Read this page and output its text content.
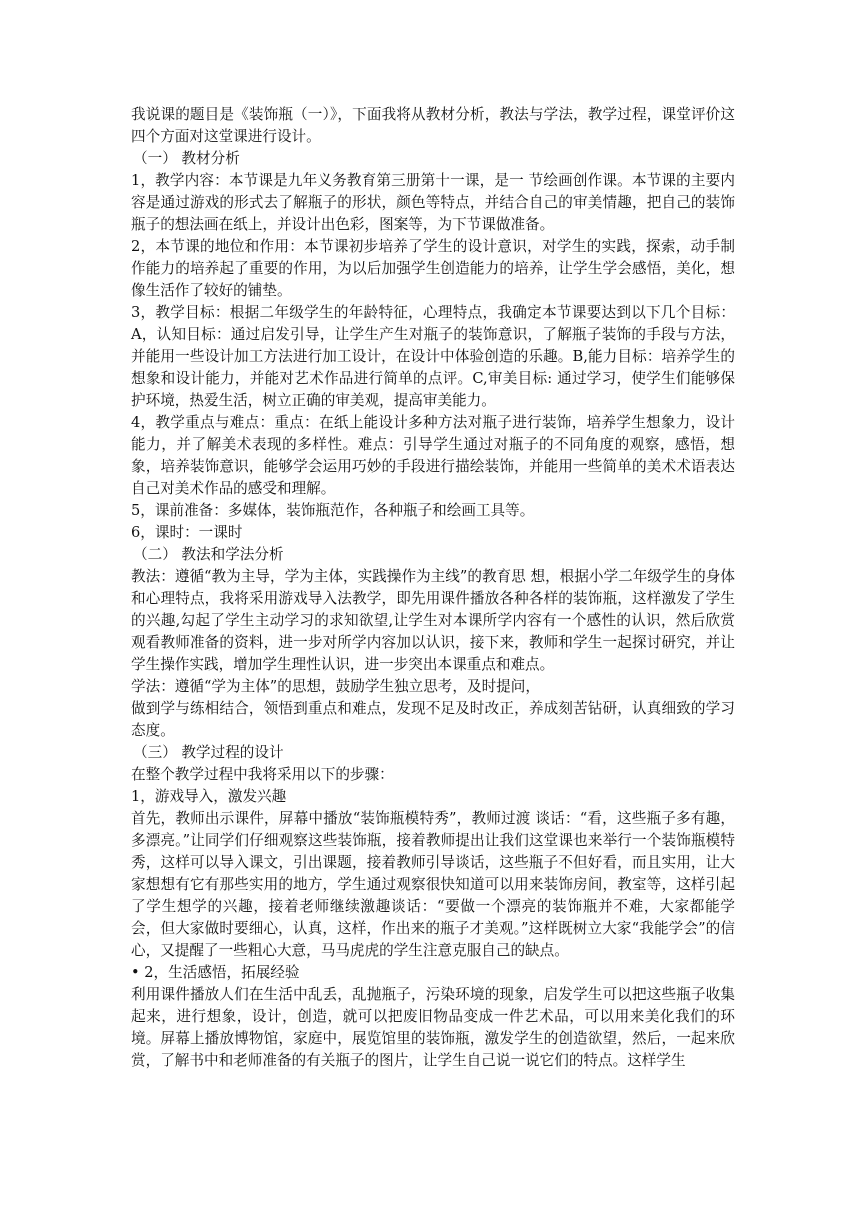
我说课的题目是《装饰瓶（一）》，下面我将从教材分析，教法与学法，教学过程，课堂评价这四个方面对这堂课进行设计。

（一） 教材分析

1，教学内容：本节课是九年义务教育第三册第十一课，是一 节绘画创作课。本节课的主要内容是通过游戏的形式去了解瓶子的形状，颜色等特点，并结合自己的审美情趣，把自己的装饰瓶子的想法画在纸上，并设计出色彩，图案等，为下节课做准备。

2，本节课的地位和作用：本节课初步培养了学生的设计意识，对学生的实践，探索，动手制作能力的培养起了重要的作用，为以后加强学生创造能力的培养，让学生学会感悟，美化，想像生活作了较好的铺垫。

3，教学目标：根据二年级学生的年龄特征，心理特点，我确定本节课要达到以下几个目标：A，认知目标：通过启发引导，让学生产生对瓶子的装饰意识，了解瓶子装饰的手段与方法，并能用一些设计加工方法进行加工设计，在设计中体验创造的乐趣。B,能力目标：培养学生的想象和设计能力，并能对艺术作品进行简单的点评。C,审美目标: 通过学习，使学生们能够保护环境，热爱生活，树立正确的审美观，提高审美能力。

4，教学重点与难点：重点：在纸上能设计多种方法对瓶子进行装饰，培养学生想象力，设计能力，并了解美术表现的多样性。难点：引导学生通过对瓶子的不同角度的观察，感悟，想象，培养装饰意识，能够学会运用巧妙的手段进行描绘装饰，并能用一些简单的美术术语表达自己对美术作品的感受和理解。

5，课前准备：多媒体，装饰瓶范作，各种瓶子和绘画工具等。

6，课时：一课时

（二） 教法和学法分析

教法：遵循“教为主导，学为主体，实践操作为主线”的教育思 想，根据小学二年级学生的身体和心理特点，我将采用游戏导入法教学，即先用课件播放各种各样的装饰瓶，这样激发了学生的兴趣,勾起了学生主动学习的求知欲望,让学生对本课所学内容有一个感性的认识，然后欣赏观看教师准备的资料，进一步对所学内容加以认识，接下来，教师和学生一起探讨研究，并让学生操作实践，增加学生理性认识，进一步突出本课重点和难点。

学法：遵循“学为主体”的思想，鼓励学生独立思考，及时提问，

做到学与练相结合，领悟到重点和难点，发现不足及时改正，养成刻苦钻研，认真细致的学习态度。

（三） 教学过程的设计

在整个教学过程中我将采用以下的步骤：

1，游戏导入，激发兴趣

首先，教师出示课件，屏幕中播放“装饰瓶模特秀”，教师过渡 谈话：“看，这些瓶子多有趣，多漂亮。”让同学们仔细观察这些装饰瓶，接着教师提出让我们这堂课也来举行一个装饰瓶模特秀，这样可以导入课文，引出课题，接着教师引导谈话，这些瓶子不但好看，而且实用，让大家想想有它有那些实用的地方，学生通过观察很快知道可以用来装饰房间，教室等，这样引起了学生想学的兴趣，接着老师继续激趣谈话：“要做一个漂亮的装饰瓶并不难，大家都能学会，但大家做时要细心，认真，这样，作出来的瓶子才美观。”这样既树立大家“我能学会”的信心，又提醒了一些粗心大意，马马虎虎的学生注意克服自己的缺点。

• 2，生活感悟，拓展经验

利用课件播放人们在生活中乱丢，乱抛瓶子，污染环境的现象，启发学生可以把这些瓶子收集起来，进行想象，设计，创造，就可以把废旧物品变成一件艺术品，可以用来美化我们的环境。屏幕上播放博物馆，家庭中，展览馆里的装饰瓶，激发学生的创造欲望，然后，一起来欣赏，了解书中和老师准备的有关瓶子的图片，让学生自己说一说它们的特点。这样学生
